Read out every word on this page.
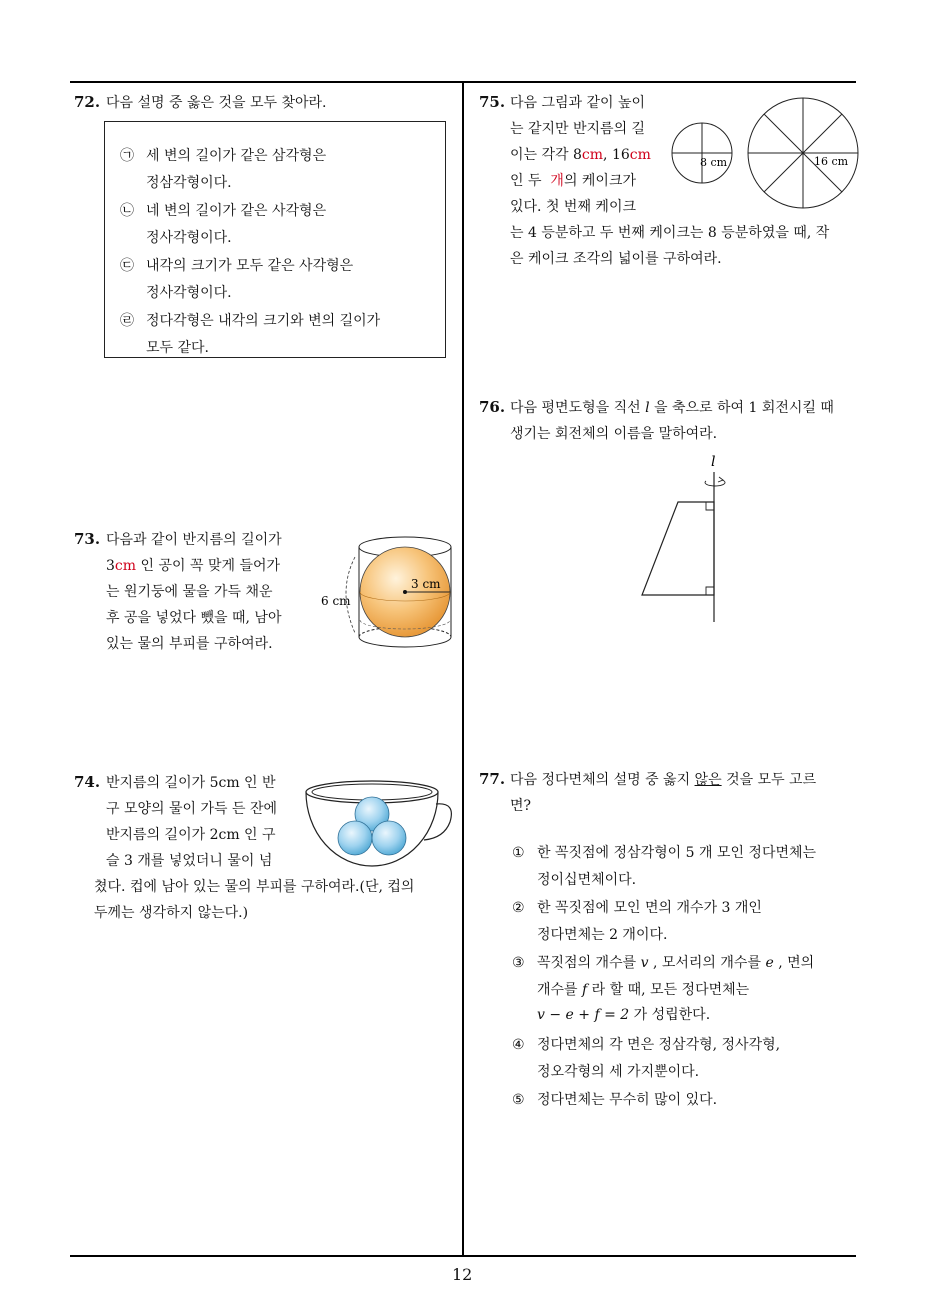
12
72. 다음 설명 중 옳은 것을 모두 찾아라.
㉠ 세 변의 길이가 같은 삼각형은
정삼각형이다.
㉡ 네 변의 길이가 같은 사각형은
정사각형이다.
㉢ 내각의 크기가 모두 같은 사각형은
정사각형이다.
㉣ 정다각형은 내각의 크기와 변의 길이가
모두 같다.
73. 다음과 같이 반지름의 길이가
3cm 인 공이 꼭 맞게 들어가
는 원기둥에 물을 가득 채운
후 공을 넣었다 뺐을 때, 남아
있는 물의 부피를 구하여라.
6 cm
3 cm
74. 반지름의 길이가 5cm 인 반
구 모양의 물이 가득 든 잔에
반지름의 길이가 2cm 인 구
슬 3 개를 넣었더니 물이 넘
쳤다. 컵에 남아 있는 물의 부피를 구하여라.(단, 컵의
두께는 생각하지 않는다.)
75. 다음 그림과 같이 높이
는 같지만 반지름의 길
이는 각각 8cm, 16cm
인 두 개의 케이크가
있다. 첫 번째 케이크
는 4 등분하고 두 번째 케이크는 8 등분하였을 때, 작
은 케이크 조각의 넓이를 구하여라.
8 cm	16 cm
76. 다음 평면도형을 직선 l 을 축으로 하여 1 회전시킬 때
생기는 회전체의 이름을 말하여라.
l
77. 다음 정다면체의 설명 중 옳지 않은 것을 모두 고르
면?
① 한 꼭짓점에 정삼각형이 5 개 모인 정다면체는
정이십면체이다.
② 한 꼭짓점에 모인 면의 개수가 3 개인
정다면체는 2 개이다.
③ 꼭짓점의 개수를 v , 모서리의 개수를 e , 면의
개수를 f 라 할 때, 모든 정다면체는
v − e + f = 2 가 성립한다.
④ 정다면체의 각 면은 정삼각형, 정사각형,
정오각형의 세 가지뿐이다.
⑤ 정다면체는 무수히 많이 있다.
